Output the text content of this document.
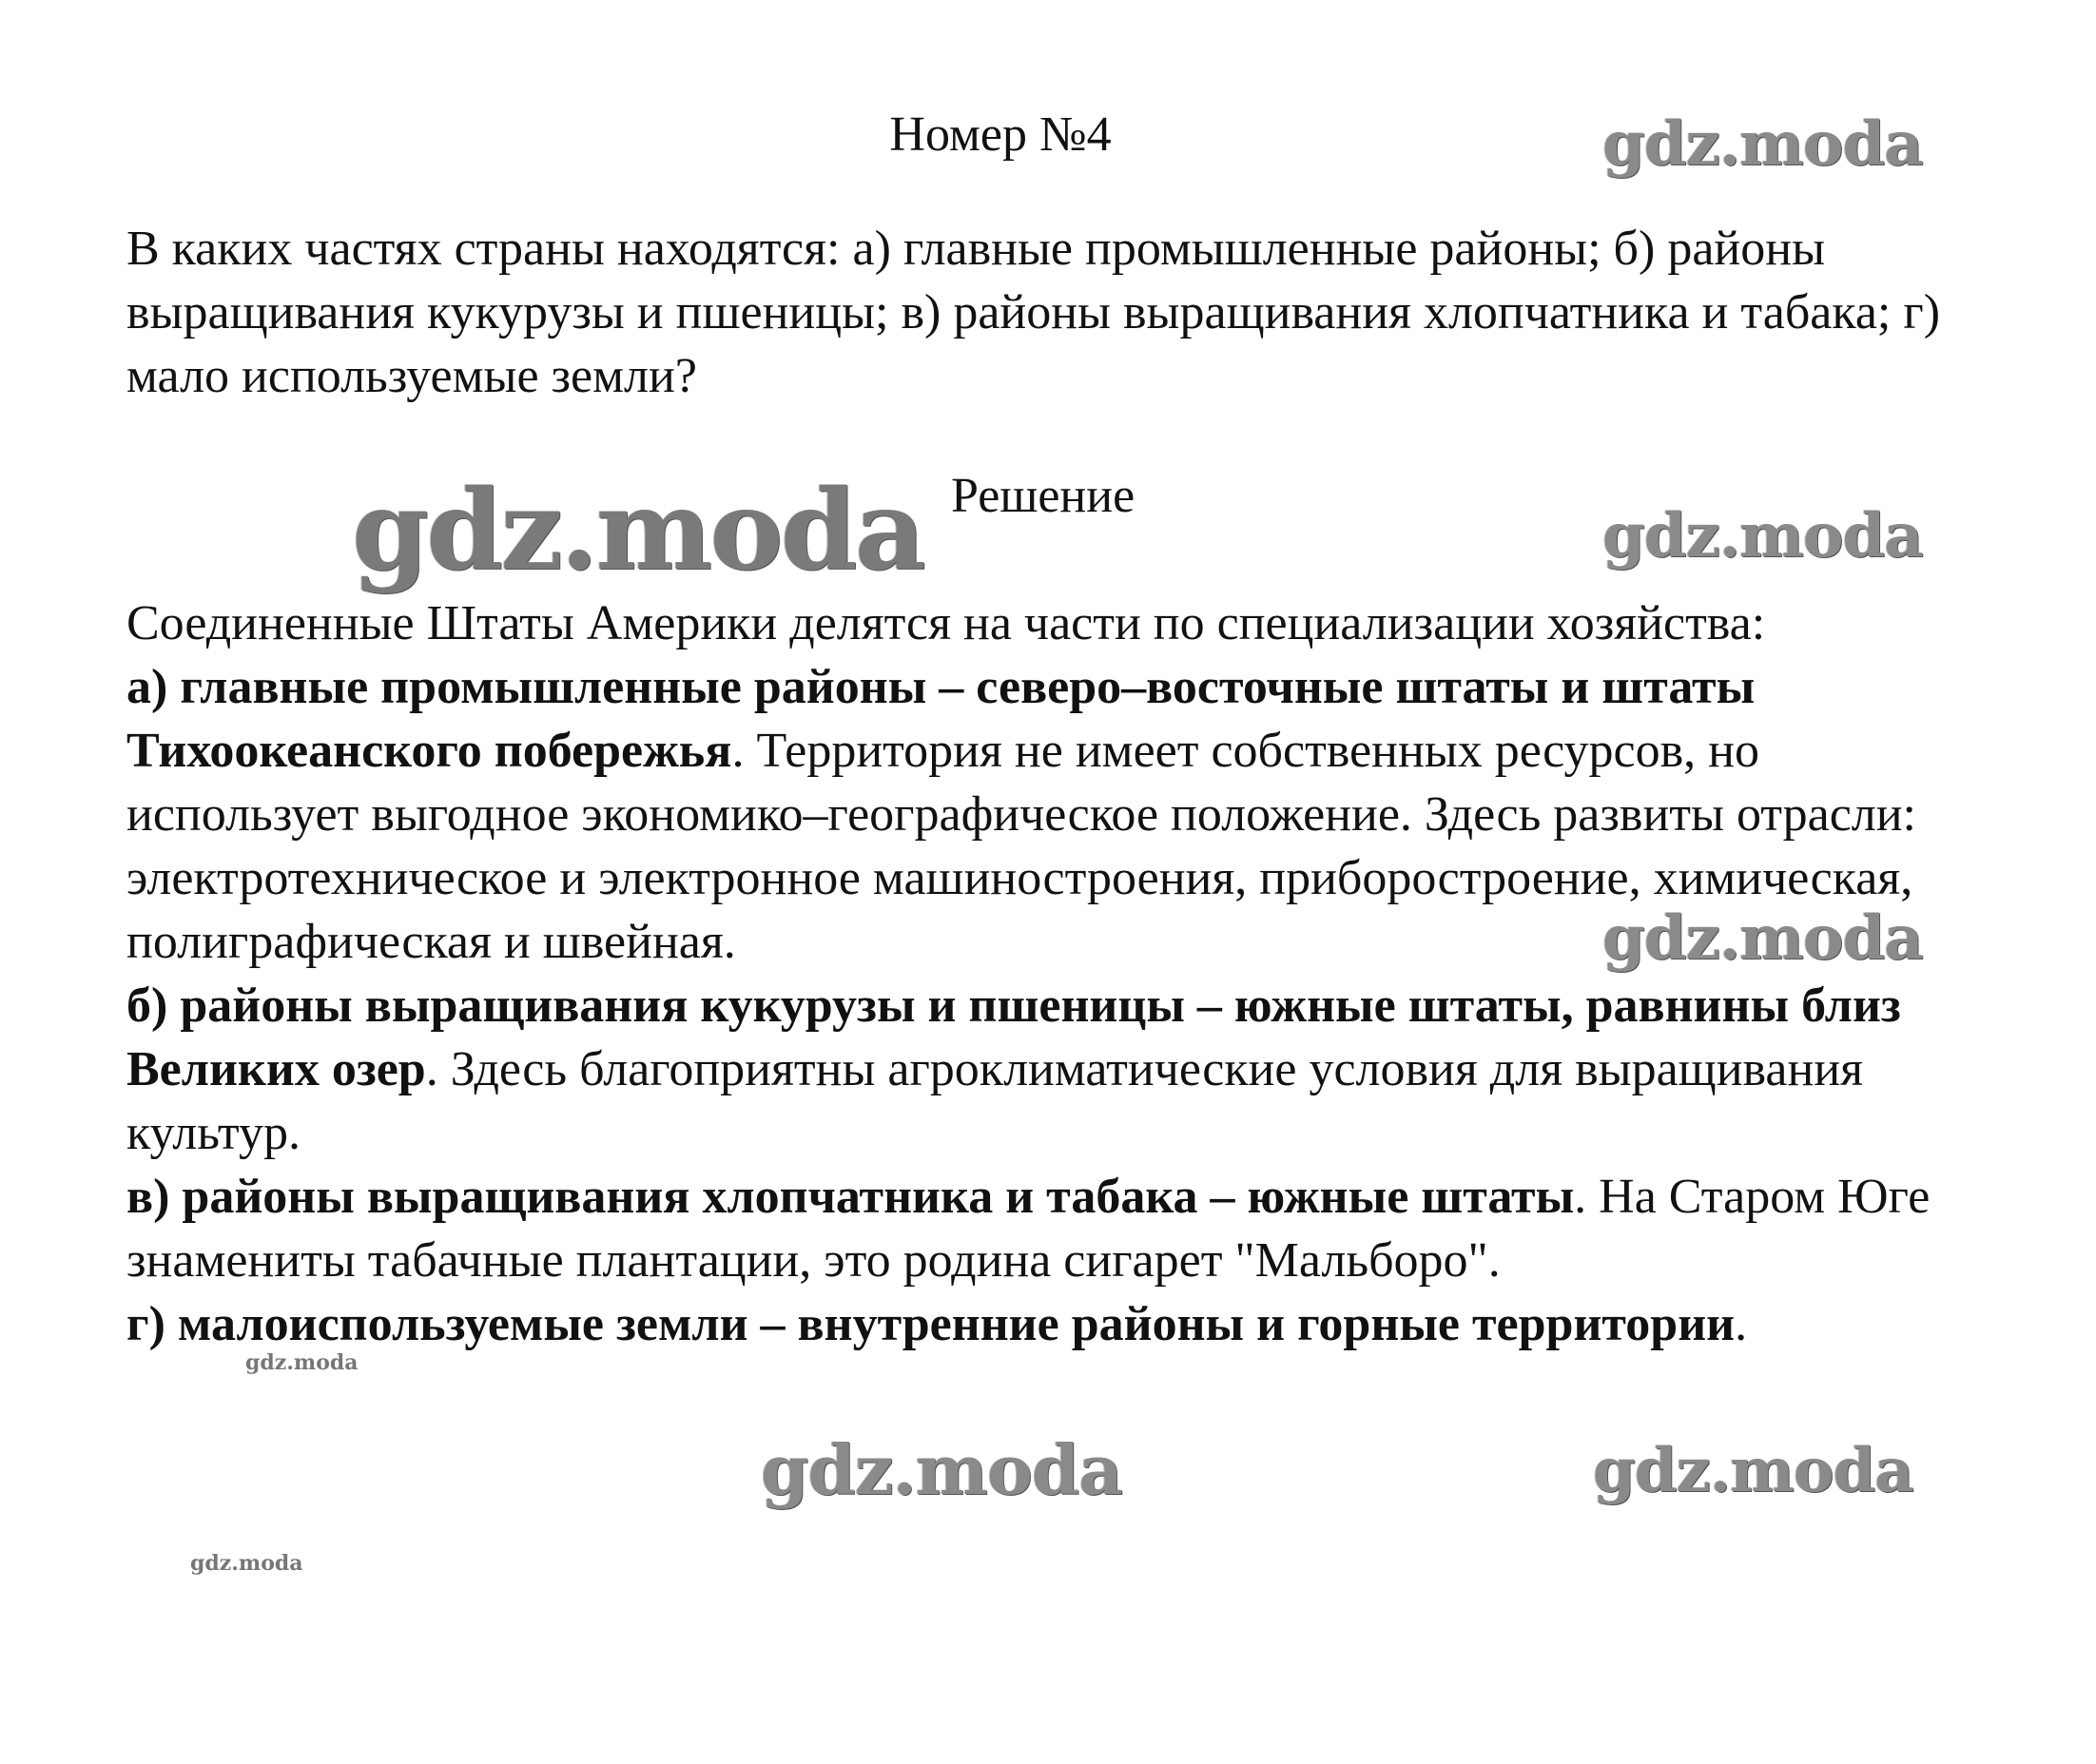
Номер №4

В каких частях страны находятся: а) главные промышленные районы; б) районы выращивания кукурузы и пшеницы; в) районы выращивания хлопчатника и табака; г) мало используемые земли?

Решение

Соединенные Штаты Америки делятся на части по специализации хозяйства:

а) главные промышленные районы – северо‒восточные штаты и штаты Тихоокеанского побережья. Территория не имеет собственных ресурсов, но использует выгодное экономико‒географическое положение. Здесь развиты отрасли: электротехническое и электронное машиностроения, приборостроение, химическая, полиграфическая и швейная.

б) районы выращивания кукурузы и пшеницы – южные штаты, равнины близ Великих озер. Здесь благоприятны агроклиматические условия для выращивания культур.

в) районы выращивания хлопчатника и табака – южные штаты. На Старом Юге знамениты табачные плантации, это родина сигарет "Мальборо".

г) малоиспользуемые земли – внутренние районы и горные территории.

gdz.moda
gdz.moda	gdz.moda
gdz.moda
gdz.moda
gdz.moda	gdz.moda
gdz.moda
